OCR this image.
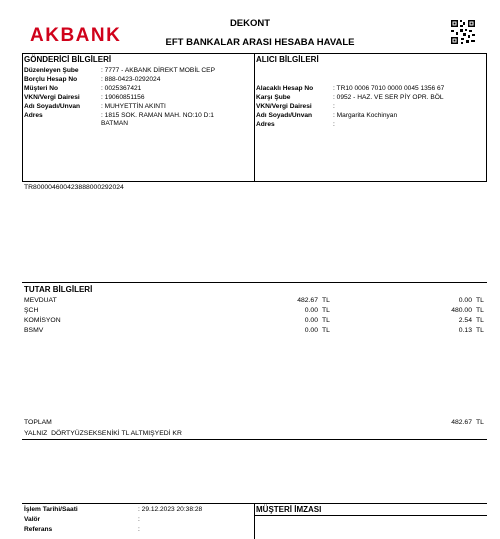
AKBANK
DEKONT
EFT BANKALAR ARASI HESABA HAVALE
GÖNDERİCİ BİLGİLERİ
Düzenleyen Şube	: 7777 - AKBANK DİREKT MOBİL CEP
Borçlu Hesap No	: 888-0423-0292024
Müşteri No	: 0025367421
VKN/Vergi Dairesi	: 19060851156
Adı Soyadı/Unvan	: MUHYETTİN AKINTI
Adres	: 1815 SOK. RAMAN MAH. NO:10 D:1
BATMAN
ALICI BİLGİLERİ
Alacaklı Hesap No	: TR10 0006 7010 0000 0045 1356 67
Karşı Şube	: 0952 - HAZ. VE SER PİY OPR. BÖL
VKN/Vergi Dairesi	:
Adı Soyadı/Unvan	: Margarita Kochinyan
Adres	:
TR800004600423888000292024
TUTAR BİLGİLERİ
MEVDUAT	482.67 TL	0.00 TL
ŞCH	0.00 TL	480.00 TL
KOMİSYON	0.00 TL	2.54 TL
BSMV	0.00 TL	0.13 TL
TOPLAM	482.67 TL
YALNIZ  DÖRTYÜZSEKSENİKİ TL ALTMIŞYEDİ KR
İşlem Tarihi/Saati	: 29.12.2023 20:38:28
Valör	:
Referans	:
MÜŞTERİ İMZASI
